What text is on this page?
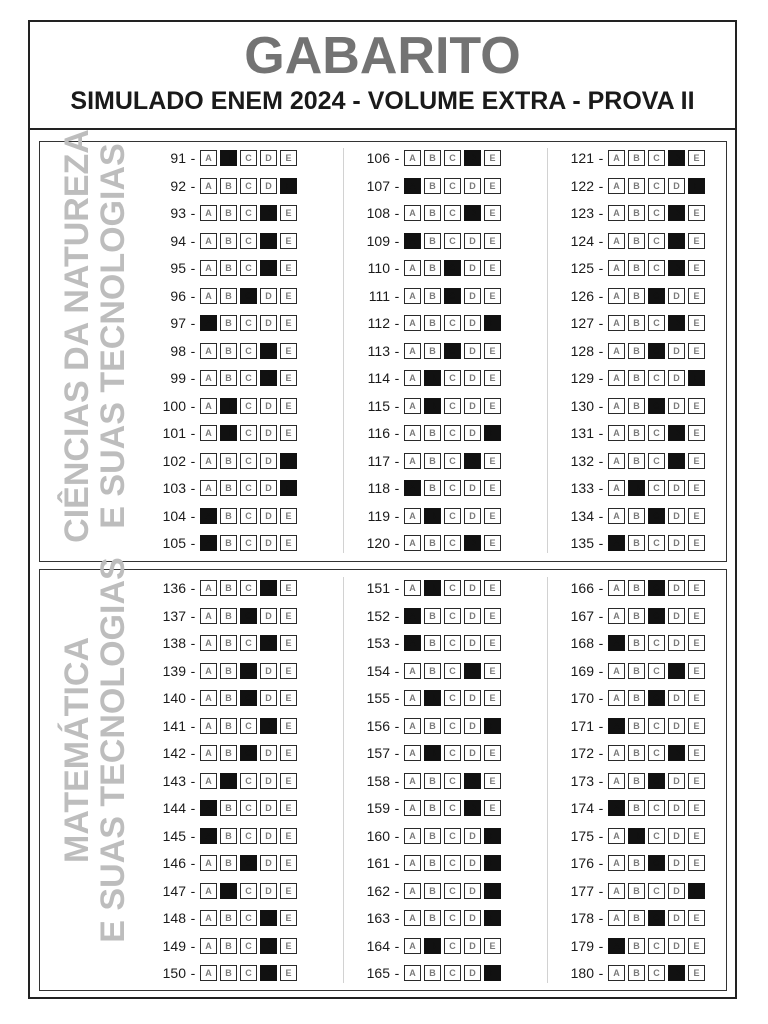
GABARITO
SIMULADO ENEM 2024 - VOLUME EXTRA - PROVA II
CIÊNCIAS DA NATUREZA
E SUAS TECNOLOGIAS	91 -	A	B	C	D	E
92 -	A	B	C	D	E
93 -	A	B	C	D	E
94 -	A	B	C	D	E
95 -	A	B	C	D	E
96 -	A	B	C	D	E
97 -	A	B	C	D	E
98 -	A	B	C	D	E
99 -	A	B	C	D	E
100 -	A	B	C	D	E
101 -	A	B	C	D	E
102 -	A	B	C	D	E
103 -	A	B	C	D	E
104 -	A	B	C	D	E
105 -	A	B	C	D	E
106 -	A	B	C	D	E
107 -	A	B	C	D	E
108 -	A	B	C	D	E
109 -	A	B	C	D	E
110 -	A	B	C	D	E
111 -	A	B	C	D	E
112 -	A	B	C	D	E
113 -	A	B	C	D	E
114 -	A	B	C	D	E
115 -	A	B	C	D	E
116 -	A	B	C	D	E
117 -	A	B	C	D	E
118 -	A	B	C	D	E
119 -	A	B	C	D	E
120 -	A	B	C	D	E
121 -	A	B	C	D	E
122 -	A	B	C	D	E
123 -	A	B	C	D	E
124 -	A	B	C	D	E
125 -	A	B	C	D	E
126 -	A	B	C	D	E
127 -	A	B	C	D	E
128 -	A	B	C	D	E
129 -	A	B	C	D	E
130 -	A	B	C	D	E
131 -	A	B	C	D	E
132 -	A	B	C	D	E
133 -	A	B	C	D	E
134 -	A	B	C	D	E
135 -	A	B	C	D	E
MATEMÁTICA
E SUAS TECNOLOGIAS	136 -	A	B	C	D	E
137 -	A	B	C	D	E
138 -	A	B	C	D	E
139 -	A	B	C	D	E
140 -	A	B	C	D	E
141 -	A	B	C	D	E
142 -	A	B	C	D	E
143 -	A	B	C	D	E
144 -	A	B	C	D	E
145 -	A	B	C	D	E
146 -	A	B	C	D	E
147 -	A	B	C	D	E
148 -	A	B	C	D	E
149 -	A	B	C	D	E
150 -	A	B	C	D	E
151 -	A	B	C	D	E
152 -	A	B	C	D	E
153 -	A	B	C	D	E
154 -	A	B	C	D	E
155 -	A	B	C	D	E
156 -	A	B	C	D	E
157 -	A	B	C	D	E
158 -	A	B	C	D	E
159 -	A	B	C	D	E
160 -	A	B	C	D	E
161 -	A	B	C	D	E
162 -	A	B	C	D	E
163 -	A	B	C	D	E
164 -	A	B	C	D	E
165 -	A	B	C	D	E
166 -	A	B	C	D	E
167 -	A	B	C	D	E
168 -	A	B	C	D	E
169 -	A	B	C	D	E
170 -	A	B	C	D	E
171 -	A	B	C	D	E
172 -	A	B	C	D	E
173 -	A	B	C	D	E
174 -	A	B	C	D	E
175 -	A	B	C	D	E
176 -	A	B	C	D	E
177 -	A	B	C	D	E
178 -	A	B	C	D	E
179 -	A	B	C	D	E
180 -	A	B	C	D	E
